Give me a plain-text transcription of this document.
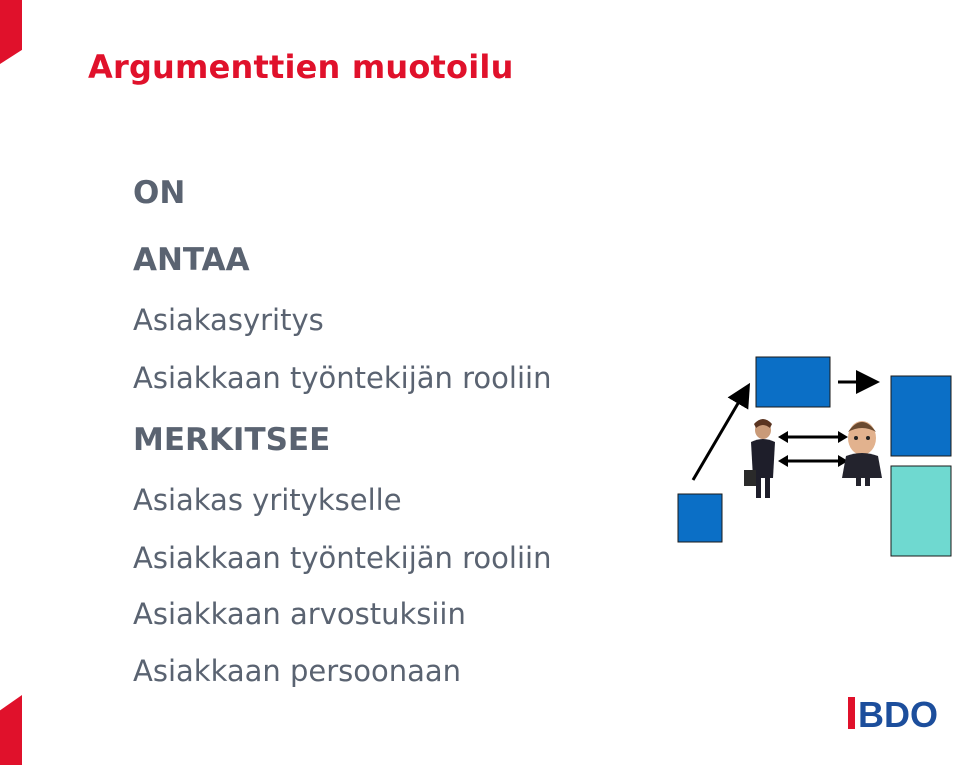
Argumenttien muotoilu
ON
ANTAA
Asiakasyritys
Asiakkaan työntekijän rooliin
MERKITSEE
Asiakas yritykselle
Asiakkaan työntekijän rooliin
Asiakkaan arvostuksiin
Asiakkaan persoonaan
BDO
